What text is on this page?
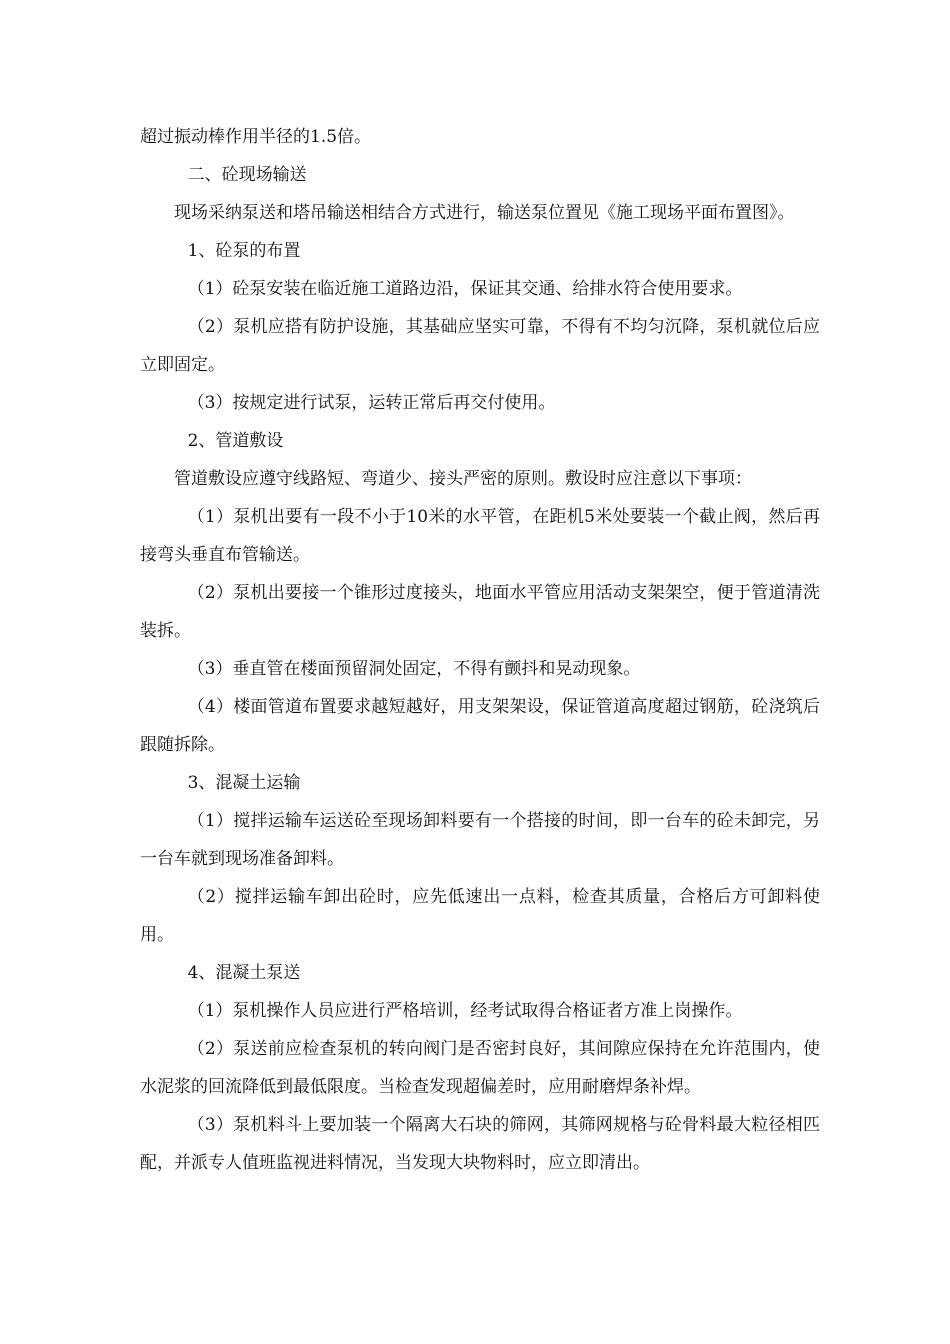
超过振动棒作用半径的1.5倍。

二、砼现场输送

现场采纳泵送和塔吊输送相结合方式进行，输送泵位置见《施工现场平面布置图》。

1、砼泵的布置

（1）砼泵安装在临近施工道路边沿，保证其交通、给排水符合使用要求。

（2）泵机应搭有防护设施，其基础应坚实可靠，不得有不均匀沉降，泵机就位后应立即固定。

（3）按规定进行试泵，运转正常后再交付使用。

2、管道敷设

管道敷设应遵守线路短、弯道少、接头严密的原则。敷设时应注意以下事项：

（1）泵机出要有一段不小于10米的水平管，在距机5米处要装一个截止阀，然后再接弯头垂直布管输送。

（2）泵机出要接一个锥形过度接头，地面水平管应用活动支架架空，便于管道清洗装拆。

（3）垂直管在楼面预留洞处固定，不得有颤抖和晃动现象。

（4）楼面管道布置要求越短越好，用支架架设，保证管道高度超过钢筋，砼浇筑后跟随拆除。

3、混凝土运输

（1）搅拌运输车运送砼至现场卸料要有一个搭接的时间，即一台车的砼未卸完，另一台车就到现场准备卸料。

（2）搅拌运输车卸出砼时，应先低速出一点料，检查其质量，合格后方可卸料使用。

4、混凝土泵送

（1）泵机操作人员应进行严格培训，经考试取得合格证者方准上岗操作。

（2）泵送前应检查泵机的转向阀门是否密封良好，其间隙应保持在允许范围内，使水泥浆的回流降低到最低限度。当检查发现超偏差时，应用耐磨焊条补焊。

（3）泵机料斗上要加装一个隔离大石块的筛网，其筛网规格与砼骨料最大粒径相匹配，并派专人值班监视进料情况，当发现大块物料时，应立即清出。
